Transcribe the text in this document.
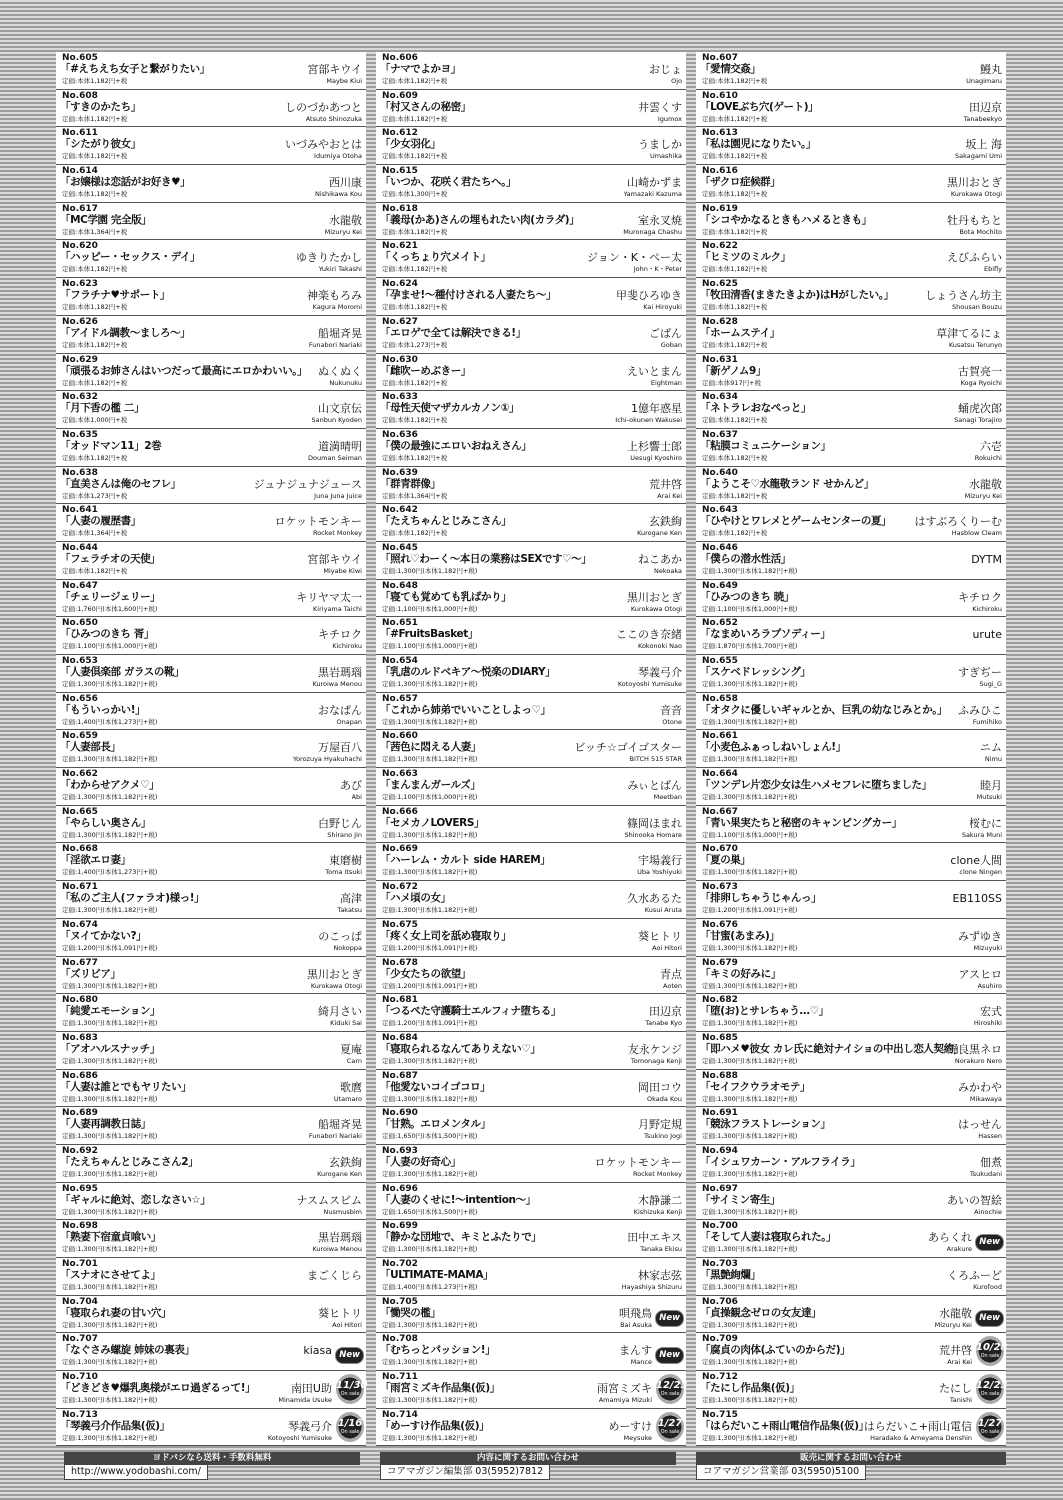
No.605
「#えちえち女子と繋がりたい」
定価:本体1,182円+税
宮部キウイ
Maybe Kiui
No.608
「すきのかたち」
定価:本体1,182円+税
しのづかあつと
Atsuto Shinozuka
No.611
「シたがり彼女」
定価:本体1,182円+税
いづみやおとは
Idumiya Otoha
No.614
「お嬢様は恋話がお好き♥」
定価:本体1,182円+税
西川康
Nishikawa Kou
No.617
「MC学園 完全版」
定価:本体1,364円+税
水龍敬
Mizuryu Kei
No.620
「ハッピー・セックス・デイ」
定価:本体1,182円+税
ゆきりたかし
Yukiri Takashi
No.623
「フラチナ♥サポート」
定価:本体1,182円+税
神楽もろみ
Kagura Moromi
No.626
「アイドル調教～ましろ～」
定価:本体1,182円+税
船堀斉晃
Funabori Nariaki
No.629
「頑張るお姉さんはいつだって最高にエロかわいい。」
定価:本体1,182円+税
ぬくぬく
Nukunuku
No.632
「月下香の檻 二」
定価:本体1,000円+税
山文京伝
Sanbun Kyoden
No.635
「オッドマン11」2巻
定価:本体1,182円+税
道満晴明
Douman Seiman
No.638
「直美さんは俺のセフレ」
定価:本体1,273円+税
ジュナジュナジュース
Juna Juna Juice
No.641
「人妻の履歴書」
定価:本体1,364円+税
ロケットモンキー
Rocket Monkey
No.644
「フェラチオの天使」
定価:本体1,182円+税
宮部キウイ
Miyabe Kiwi
No.647
「チェリージェリー」
定価:1,760円(本体1,600円+税)
キリヤマ太一
Kiriyama Taichi
No.650
「ひみつのきち 胥」
定価:1,100円(本体1,000円+税)
キチロク
Kichiroku
No.653
「人妻倶楽部 ガラスの靴」
定価:1,300円(本体1,182円+税)
黒岩瑪瑙
Kuroiwa Menou
No.656
「もういっかい!」
定価:1,400円(本体1,273円+税)
おなぱん
Onapan
No.659
「人妻部長」
定価:1,300円(本体1,182円+税)
万屋百八
Yorozuya Hyakuhachi
No.662
「わからせアクメ♡」
定価:1,300円(本体1,182円+税)
あび
Abi
No.665
「やらしい奥さん」
定価:1,300円(本体1,182円+税)
白野じん
Shirano Jin
No.668
「淫欲エロ妻」
定価:1,400円(本体1,273円+税)
東磨樹
Toma Itsuki
No.671
「私のご主人(ファラオ)様っ!」
定価:1,300円(本体1,182円+税)
高津
Takatsu
No.674
「ヌイてかない?」
定価:1,200円(本体1,091円+税)
のこっぱ
Nokoppa
No.677
「ズリビア」
定価:1,300円(本体1,182円+税)
黒川おとぎ
Kurokawa Otogi
No.680
「純愛エモーション」
定価:1,300円(本体1,182円+税)
綺月さい
Kiduki Sai
No.683
「アオハルスナッチ」
定価:1,300円(本体1,182円+税)
夏庵
Carn
No.686
「人妻は誰とでもヤリたい」
定価:1,300円(本体1,182円+税)
歌麿
Utamaro
No.689
「人妻再調教日誌」
定価:1,300円(本体1,182円+税)
船堀斉晃
Funabori Nariaki
No.692
「たえちゃんとじみこさん2」
定価:1,300円(本体1,182円+税)
玄鉄絢
Kurogane Ken
No.695
「ギャルに絶対、恋しなさい☆」
定価:1,300円(本体1,182円+税)
ナスムスビム
Nusmusbim
No.698
「熟妻下宿童貞喰い」
定価:1,300円(本体1,182円+税)
黒岩瑪瑙
Kuroiwa Menou
No.701
「スナオにさせてよ」
定価:1,300円(本体1,182円+税)
まごくじら
No.704
「寝取られ妻の甘い穴」
定価:1,300円(本体1,182円+税)
葵ヒトリ
Aoi Hitori
No.707
「なぐさみ螺旋 姉妹の裏表」
定価:1,300円(本体1,182円+税)
kiasa New
No.710
「どきどき♥爆乳奥様がエロ過ぎるって!」
定価:1,300円(本体1,182円+税)
南田U助
Minamida Usuke
11/30
On sale
No.713
「琴義弓介作品集(仮)」
定価:1,300円(本体1,182円+税)
琴義弓介
Kotoyoshi Yumisuke
1/16
On sale
No.606
「ナマでよかヨ」
定価:本体1,182円+税
おじょ
Ojo
No.609
「村又さんの秘密」
定価:本体1,182円+税
井雲くす
Igumox
No.612
「少女羽化」
定価:本体1,182円+税
うましか
Umashika
No.615
「いつか、花咲く君たちへ。」
定価:本体1,300円+税
山崎かずま
Yamazaki Kazuma
No.618
「義母(かあ)さんの埋もれたい肉(カラダ)」
定価:本体1,182円+税
室永叉焼
Muronaga Chashu
No.621
「くっちょり穴メイト」
定価:本体1,182円+税
ジョン・K・ペー太
John・K・Peter
No.624
「孕ませ!～種付けされる人妻たち～」
定価:本体1,182円+税
甲斐ひろゆき
Kai Hiroyuki
No.627
「エロゲで全ては解決できる!」
定価:本体1,273円+税
ごばん
Goban
No.630
「雌吹ーめぶきー」
定価:本体1,182円+税
えいとまん
Eightman
No.633
「母性天使マザカルカノン①」
定価:本体1,182円+税
1億年惑星
Ichi-okunen Wakusei
No.636
「僕の最強にエロいおねえさん」
定価:本体1,182円+税
上杉響士郎
Uesugi Kyoshiro
No.639
「群青群像」
定価:本体1,364円+税
荒井啓
Arai Kei
No.642
「たえちゃんとじみこさん」
定価:本体1,182円+税
玄鉄絢
Kurogane Ken
No.645
「照れ♡わーく～本日の業務はSEXです♡～」
定価:1,300円(本体1,182円+税)
ねこあか
Nekoaka
No.648
「寝ても覚めても乳ばかり」
定価:1,100円(本体1,000円+税)
黒川おとぎ
Kurokawa Otogi
No.651
「#FruitsBasket」
定価:1,100円(本体1,000円+税)
ここのき奈緒
Kokonoki Nao
No.654
「乳虐のルドベキア～悦楽のDIARY」
定価:1,300円(本体1,182円+税)
琴義弓介
Kotoyoshi Yumisuke
No.657
「これから姉弟でいいことしよっ♡」
定価:1,300円(本体1,182円+税)
音音
Otone
No.660
「茜色に悶える人妻」
定価:1,300円(本体1,182円+税)
ビッチ☆ゴイゴスター
BITCH 515 STAR
No.663
「まんまんガールズ」
定価:1,100円(本体1,000円+税)
みぃとばん
Meetban
No.666
「セメカノLOVERS」
定価:1,300円(本体1,182円+税)
篠岡ほまれ
Shinooka Homare
No.669
「ハーレム・カルト side HAREM」
定価:1,300円(本体1,182円+税)
宇場義行
Uba Yoshiyuki
No.672
「ハメ頃の女」
定価:1,300円(本体1,182円+税)
久水あるた
Kusui Aruta
No.675
「疼く女上司を舐め寝取り」
定価:1,200円(本体1,091円+税)
葵ヒトリ
Aoi Hitori
No.678
「少女たちの欲望」
定価:1,200円(本体1,091円+税)
青点
Aoten
No.681
「つるぺた守護騎士エルフィナ堕ちる」
定価:1,200円(本体1,091円+税)
田辺京
Tanabe Kyo
No.684
「寝取られるなんてありえない♡」
定価:1,300円(本体1,182円+税)
友永ケンジ
Tomonaga Kenji
No.687
「他愛ないコイゴコロ」
定価:1,300円(本体1,182円+税)
岡田コウ
Okada Kou
No.690
「甘熟。エロメンタル」
定価:1,650円(本体1,500円+税)
月野定規
Tsukino Jogi
No.693
「人妻の好奇心」
定価:1,300円(本体1,182円+税)
ロケットモンキー
Rocket Monkey
No.696
「人妻のくせに!～intention～」
定価:1,650円(本体1,500円+税)
木静謙二
Kishizuka Kenji
No.699
「静かな団地で、キミとふたりで」
定価:1,300円(本体1,182円+税)
田中エキス
Tanaka Ekisu
No.702
「ULTIMATE-MAMA」
定価:1,400円(本体1,273円+税)
林家志弦
Hayashiya Shizuru
No.705
「慟哭の檻」
定価:1,300円(本体1,182円+税)
唄飛鳥
Bai Asuka
New
No.708
「むちっとパッション!」
定価:1,300円(本体1,182円+税)
まんす
Mance
New
No.711
「雨宮ミズキ作品集(仮)」
定価:1,300円(本体1,182円+税)
雨宮ミズキ
Amamiya Mizuki
12/23
On sale
No.714
「めーすけ作品集(仮)」
定価:1,300円(本体1,182円+税)
めーすけ
Meysuke
1/27
On sale
No.607
「愛情交姦」
定価:本体1,182円+税
鰻丸
Unagimaru
No.610
「LOVEぶち穴(ゲート)」
定価:本体1,182円+税
田辺京
Tanabeekyo
No.613
「私は園児になりたい。」
定価:本体1,182円+税
坂上 海
Sakagami Umi
No.616
「ザクロ症候群」
定価:本体1,182円+税
黒川おとぎ
Kurokawa Otogi
No.619
「シコやかなるときもハメるときも」
定価:本体1,182円+税
牡丹もちと
Bota Mochito
No.622
「ヒミツのミルク」
定価:本体1,182円+税
えびふらい
Ebifly
No.625
「牧田清香(まきたきよか)はHがしたい。」
定価:本体1,182円+税
しょうさん坊主
Shousan Bouzu
No.628
「ホームステイ」
定価:本体1,182円+税
草津てるにょ
Kusatsu Terunyo
No.631
「新ゲノム9」
定価:本体917円+税
古賀亮一
Koga Ryoichi
No.634
「ネトラレおなぺっと」
定価:本体1,182円+税
蛹虎次郎
Sanagi Torajiro
No.637
「粘膜コミュニケーション」
定価:本体1,182円+税
六壱
Rokuichi
No.640
「ようこそ♡水龍敬ランド せかんど」
定価:本体1,182円+税
水龍敬
Mizuryu Kei
No.643
「ひやけとワレメとゲームセンターの夏」
定価:本体1,182円+税
はすぶろくりーむ
Hasblow Cleam
No.646
「僕らの潜水性活」
定価:1,300円(本体1,182円+税)
DYTM
No.649
「ひみつのきち 暁」
定価:1,100円(本体1,000円+税)
キチロク
Kichiroku
No.652
「なまめいろラプソディー」
定価:1,870円(本体1,700円+税)
urute
No.655
「スケベドレッシング」
定価:1,300円(本体1,182円+税)
すぎぢー
Sugi_G
No.658
「オタクに優しいギャルとか、巨乳の幼なじみとか。」
定価:1,300円(本体1,182円+税)
ふみひこ
Fumihiko
No.661
「小麦色ふぁっしねいしょん!」
定価:1,300円(本体1,182円+税)
ニム
Nimu
No.664
「ツンデレ片恋少女は生ハメセフレに堕ちました」
定価:1,300円(本体1,182円+税)
睦月
Mutsuki
No.667
「青い果実たちと秘密のキャンピングカー」
定価:1,100円(本体1,000円+税)
桜むに
Sakura Muni
No.670
「夏の巣」
定価:1,300円(本体1,182円+税)
clone人間
clone Ningen
No.673
「排卵しちゃうじゃんっ」
定価:1,200円(本体1,091円+税)
EB110SS
No.676
「甘蜜(あまみ)」
定価:1,300円(本体1,182円+税)
みずゆき
Mizuyuki
No.679
「キミの好みに」
定価:1,300円(本体1,182円+税)
アスヒロ
Asuhiro
No.682
「堕(お)とサレちゃう…♡」
定価:1,300円(本体1,182円+税)
宏式
Hiroshiki
No.685
「即ハメ♥彼女 カレ氏に絶対ナイショの中出し恋人契約」
定価:1,300円(本体1,182円+税)
野良黒ネロ
Norakuro Nero
No.688
「セイフクウラオモテ」
定価:1,300円(本体1,182円+税)
みかわや
Mikawaya
No.691
「競泳フラストレーション」
定価:1,300円(本体1,182円+税)
はっせん
Hassen
No.694
「イシュワカーン・アルフライラ」
定価:1,300円(本体1,182円+税)
佃煮
Tsukudani
No.697
「サイミン寄生」
定価:1,300円(本体1,182円+税)
あいの智絵
Ainochie
No.700
「そして人妻は寝取られた。」
定価:1,300円(本体1,182円+税)
あらくれ
Arakure
New
No.703
「黒艶絢爛」
定価:1,300円(本体1,182円+税)
くろふーど
Kurofood
No.706
「貞操観念ゼロの女友達」
定価:1,300円(本体1,182円+税)
水龍敬
Mizuryu Kei
New
No.709
「腐貞の肉体(ふていのからだ)」
定価:1,300円(本体1,182円+税)
荒井啓
Arai Kei
10/28
On sale
No.712
「たにし作品集(仮)」
定価:1,300円(本体1,182円+税)
たにし
Tanishi
12/23
On sale
No.715
「はらだいこ+雨山電信作品集(仮)」
定価:1,300円(本体1,182円+税)
はらだいこ+雨山電信
Haradako & Ameyama Denshin
1/27
On sale
ヨドバシなら送料・手数料無料
http://www.yodobashi.com/
内容に関するお問い合わせ
コアマガジン編集部 03(5952)7812
販売に関するお問い合わせ
コアマガジン営業部 03(5950)5100
